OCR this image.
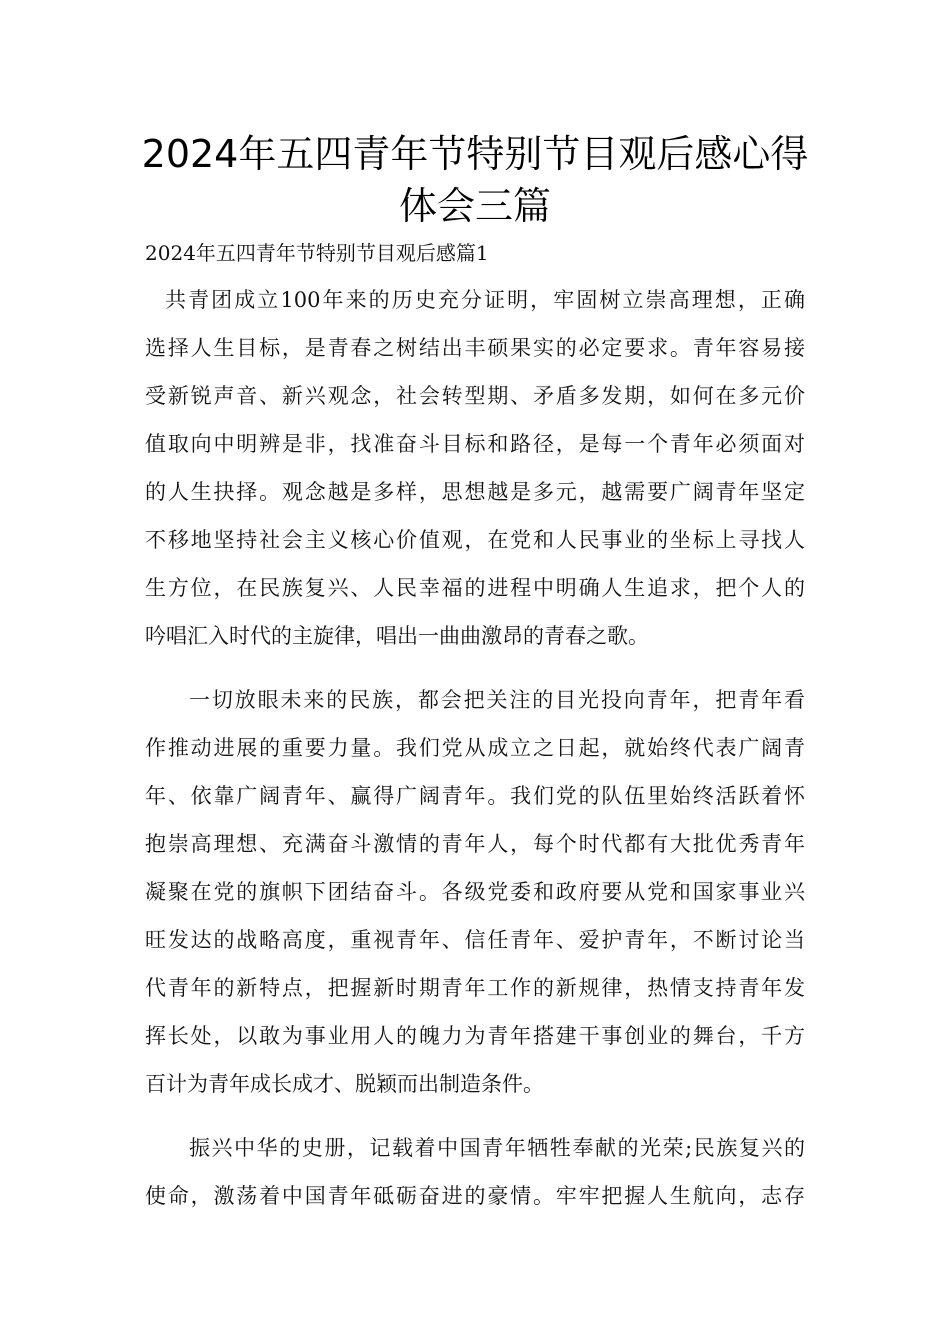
2024年五四青年节特别节目观后感心得
体会三篇

2024年五四青年节特别节目观后感篇1

共青团成立100年来的历史充分证明，牢固树立崇高理想，正确

选择人生目标，是青春之树结出丰硕果实的必定要求。青年容易接

受新锐声音、新兴观念，社会转型期、矛盾多发期，如何在多元价

值取向中明辨是非，找准奋斗目标和路径，是每一个青年必须面对

的人生抉择。观念越是多样，思想越是多元，越需要广阔青年坚定

不移地坚持社会主义核心价值观，在党和人民事业的坐标上寻找人

生方位，在民族复兴、人民幸福的进程中明确人生追求，把个人的

吟唱汇入时代的主旋律，唱出一曲曲激昂的青春之歌。

一切放眼未来的民族，都会把关注的目光投向青年，把青年看

作推动进展的重要力量。我们党从成立之日起，就始终代表广阔青

年、依靠广阔青年、赢得广阔青年。我们党的队伍里始终活跃着怀

抱崇高理想、充满奋斗激情的青年人，每个时代都有大批优秀青年

凝聚在党的旗帜下团结奋斗。各级党委和政府要从党和国家事业兴

旺发达的战略高度，重视青年、信任青年、爱护青年，不断讨论当

代青年的新特点，把握新时期青年工作的新规律，热情支持青年发

挥长处，以敢为事业用人的魄力为青年搭建干事创业的舞台，千方

百计为青年成长成才、脱颖而出制造条件。

振兴中华的史册，记载着中国青年牺牲奉献的光荣;民族复兴的

使命，激荡着中国青年砥砺奋进的豪情。牢牢把握人生航向，志存
